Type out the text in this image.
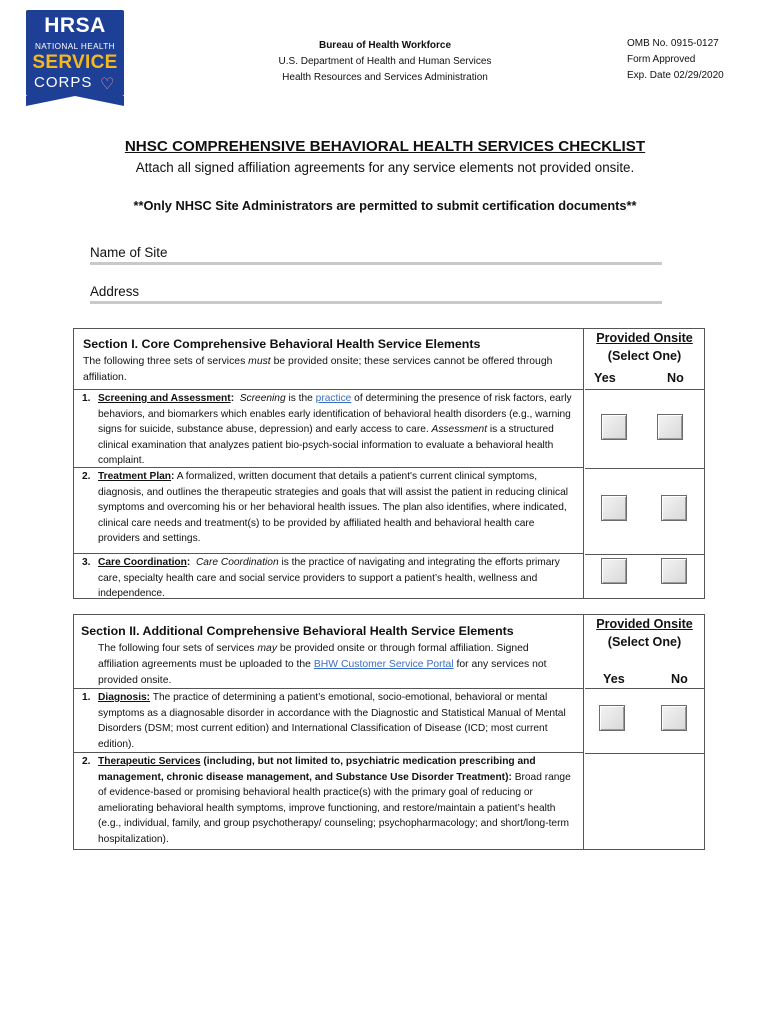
HRSA
NATIONAL HEALTH
SERVICE
CORPS ♡
Bureau of Health Workforce
U.S. Department of Health and Human Services
Health Resources and Services Administration
OMB No. 0915-0127
Form Approved
Exp. Date 02/29/2020
NHSC COMPREHENSIVE BEHAVIORAL HEALTH SERVICES CHECKLIST
Attach all signed affiliation agreements for any service elements not provided onsite.
**Only NHSC Site Administrators are permitted to submit certification documents**
Name of Site
Address
Section I. Core Comprehensive Behavioral Health Service Elements
The following three sets of services must be provided onsite; these services cannot be offered through affiliation.
1. Screening and Assessment: Screening is the practice of determining the presence of risk factors, early behaviors, and biomarkers which enables early identification of behavioral health disorders (e.g., warning signs for suicide, substance abuse, depression) and early access to care. Assessment is a structured clinical examination that analyzes patient bio-psych-social information to evaluate a behavioral health complaint.
2. Treatment Plan: A formalized, written document that details a patient's current clinical symptoms, diagnosis, and outlines the therapeutic strategies and goals that will assist the patient in reducing clinical symptoms and overcoming his or her behavioral health issues. The plan also identifies, where indicated, clinical care needs and treatment(s) to be provided by affiliated health and behavioral health care providers and settings.
3. Care Coordination: Care Coordination is the practice of navigating and integrating the efforts primary care, specialty health care and social service providers to support a patient’s health, wellness and independence.
Provided Onsite
(Select One)
Yes	No
Section II. Additional Comprehensive Behavioral Health Service Elements
The following four sets of services may be provided onsite or through formal affiliation. Signed affiliation agreements must be uploaded to the BHW Customer Service Portal for any services not provided onsite.
1. Diagnosis: The practice of determining a patient’s emotional, socio-emotional, behavioral or mental symptoms as a diagnosable disorder in accordance with the Diagnostic and Statistical Manual of Mental Disorders (DSM; most current edition) and International Classification of Disease (ICD; most current edition).
2. Therapeutic Services (including, but not limited to, psychiatric medication prescribing and management, chronic disease management, and Substance Use Disorder Treatment): Broad range of evidence-based or promising behavioral health practice(s) with the primary goal of reducing or ameliorating behavioral health symptoms, improve functioning, and restore/maintain a patient’s health (e.g., individual, family, and group psychotherapy/ counseling; psychopharmacology; and short/long-term hospitalization).
Provided Onsite
(Select One)
Yes	No
